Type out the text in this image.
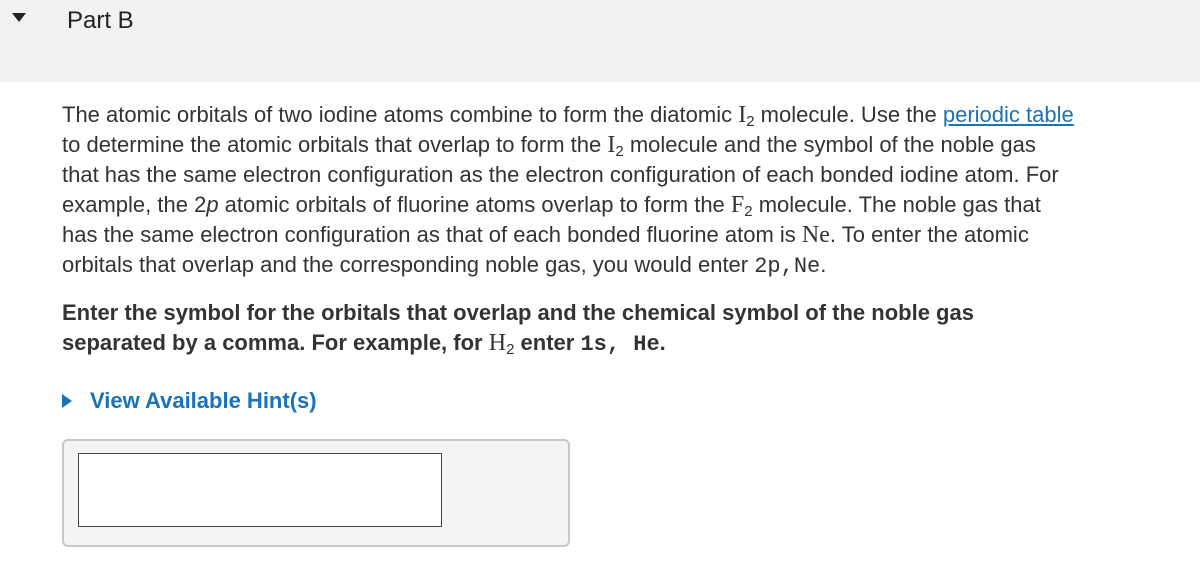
Part B
The atomic orbitals of two iodine atoms combine to form the diatomic $I_2$ molecule. Use the periodic table
to determine the atomic orbitals that overlap to form the $I_2$ molecule and the symbol of the noble gas
that has the same electron configuration as the electron configuration of each bonded iodine atom. For
example, the 2p atomic orbitals of fluorine atoms overlap to form the $F_2$ molecule. The noble gas that
has the same electron configuration as that of each bonded fluorine atom is Ne. To enter the atomic
orbitals that overlap and the corresponding noble gas, you would enter 2p,Ne.
Enter the symbol for the orbitals that overlap and the chemical symbol of the noble gas
separated by a comma. For example, for $H_2$ enter 1s, He.
View Available Hint(s)
